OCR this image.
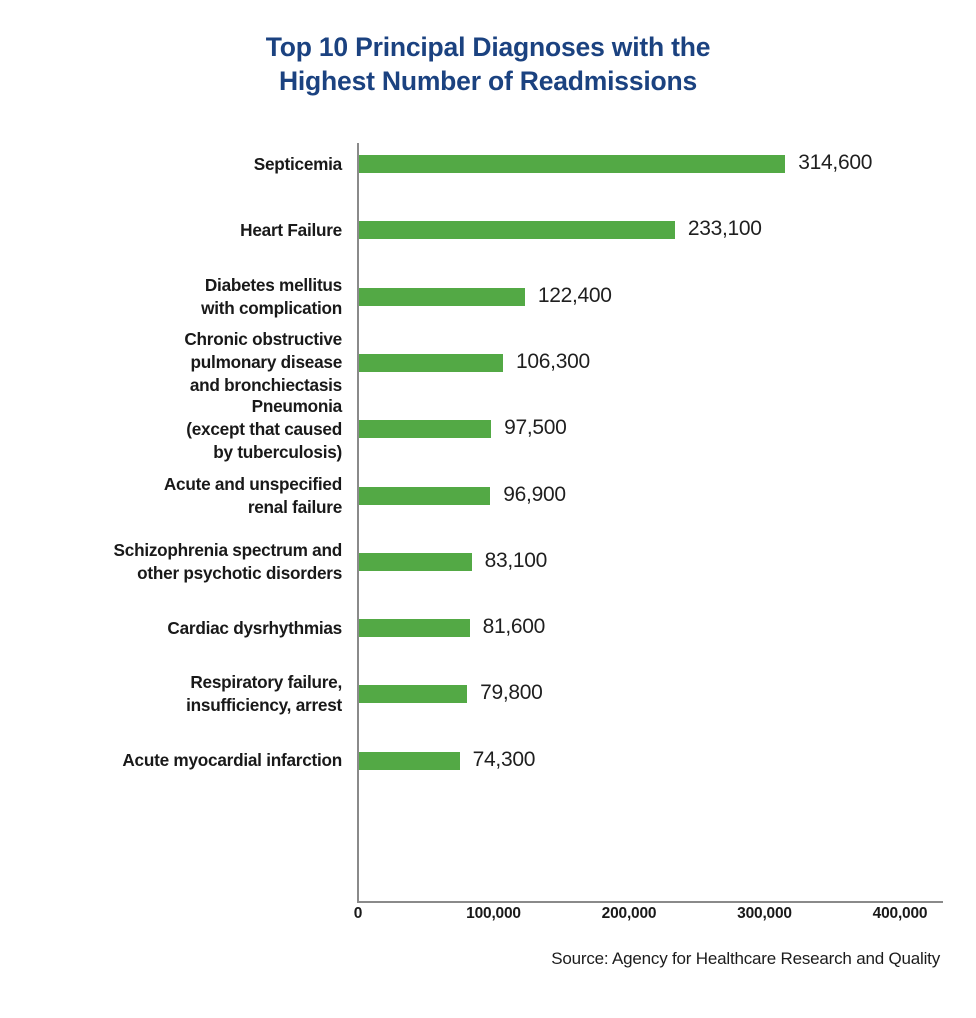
Top 10 Principal Diagnoses with the
Highest Number of Readmissions
Septicemia	314,600
Heart Failure	233,100
Diabetes mellitus
with complication
122,400
Chronic obstructive
pulmonary disease
and bronchiectasis
106,300
Pneumonia
(except that caused
by tuberculosis)
97,500
Acute and unspecified
renal failure
96,900
Schizophrenia spectrum and
other psychotic disorders
83,100
Cardiac dysrhythmias	81,600
Respiratory failure,
insufficiency, arrest
79,800
Acute myocardial infarction	74,300
0	100,000	200,000	300,000	400,000
Source: Agency for Healthcare Research and Quality
